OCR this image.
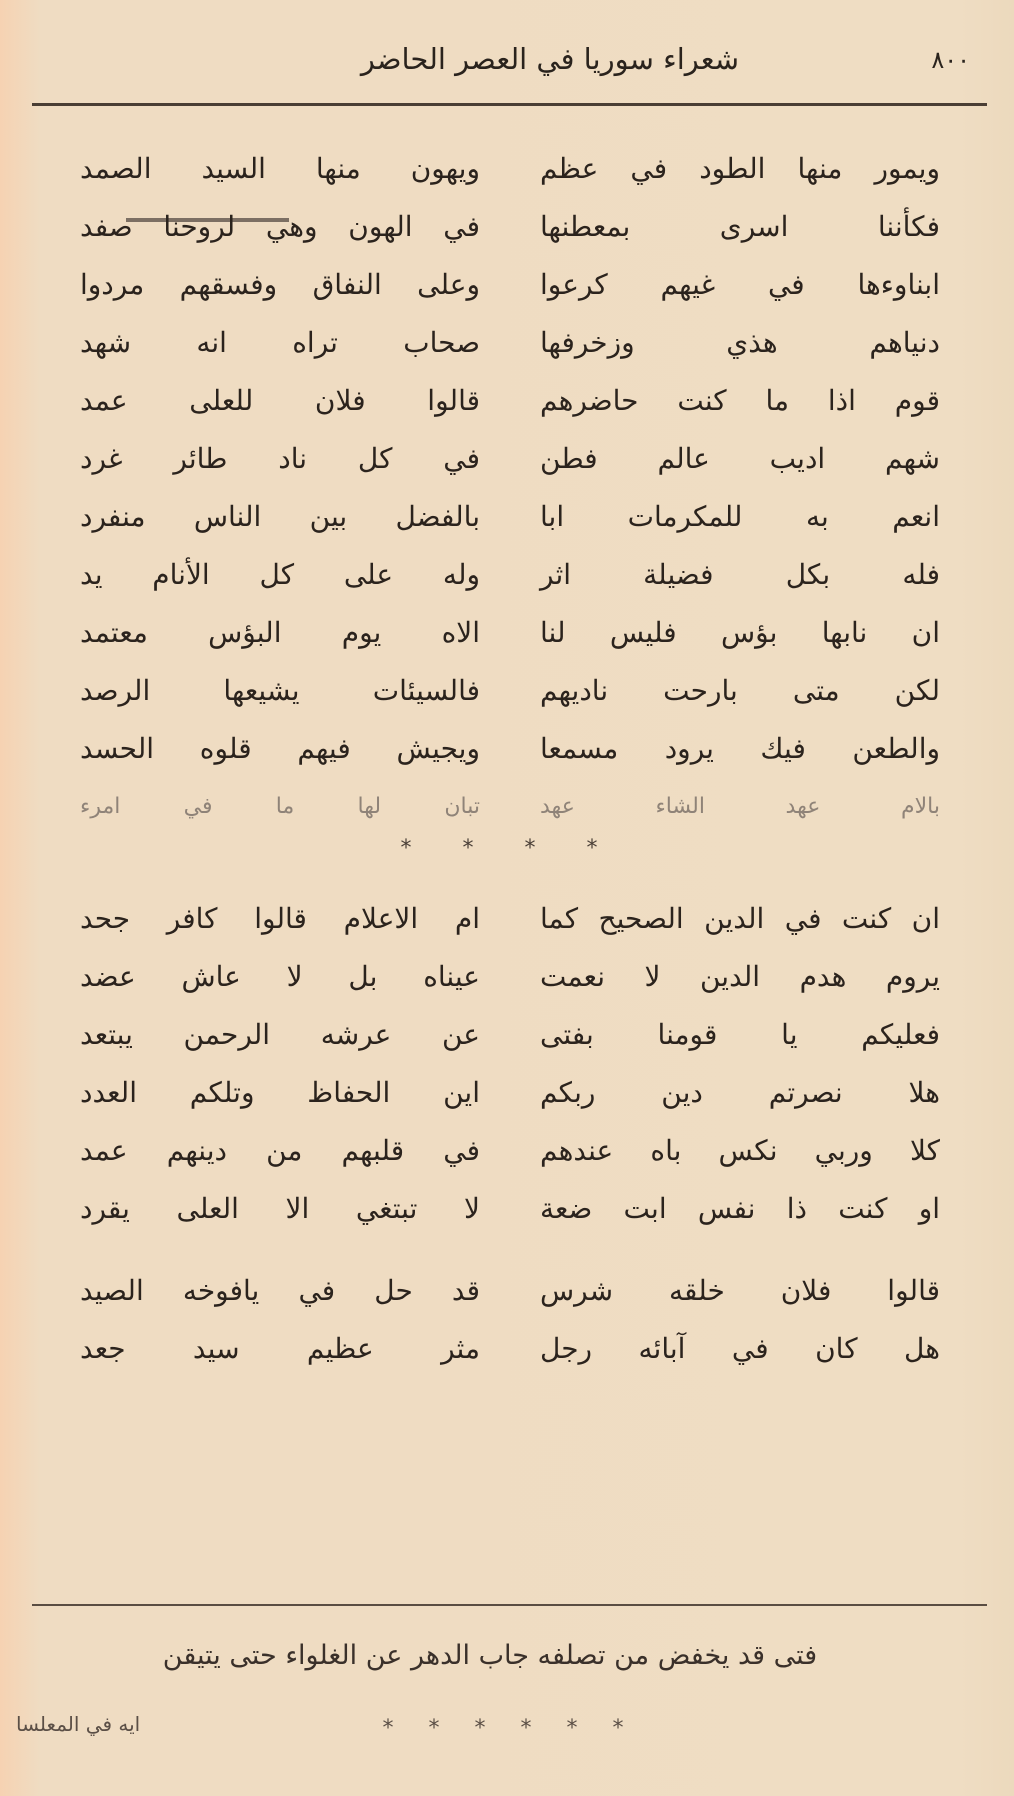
شعراء سوريا في العصر الحاضر	٨٠٠
ويمور منها الطود في عظم
ويهون منها السيد الصمد
فكأننا اسرى بمعطنها
في الهون وهي لروحنا صفد
ابناوءها في غيهم كرعوا
وعلى النفاق وفسقهم مردوا
دنياهم هذي وزخرفها
صحاب تراه انه شهد
قوم اذا ما كنت حاضرهم
قالوا فلان للعلى عمد
شهم اديب عالم فطن
في كل ناد طائر غرد
انعم به للمكرمات ابا
بالفضل بين الناس منفرد
فله بكل فضيلة اثر
وله على كل الأنام يد
ان نابها بؤس فليس لنا
الاه يوم البؤس معتمد
لكن متى بارحت ناديهم
فالسيئات يشيعها الرصد
والطعن فيك يرود مسمعا
ويجيش فيهم قلوه الحسد
بالام عهد الشاء عهد
تبان لها ما في امرء
* * * *
ان كنت في الدين الصحيح كما
ام الاعلام قالوا كافر جحد
يروم هدم الدين لا نعمت
عيناه بل لا عاش عضد
فعليكم يا قومنا بفتى
عن عرشه الرحمن يبتعد
هلا نصرتم دين ربكم
اين الحفاظ وتلكم العدد
كلا وربي نكس باه عندهم
في قلبهم من دينهم عمد
او كنت ذا نفس ابت ضعة
لا تبتغي الا العلى يقرد
قالوا فلان خلقه شرس
قد حل في يافوخه الصيد
هل كان في آبائه رجل
مثر عظيم سيد جعد
فتى قد يخفض من تصلفه جاب الدهر عن الغلواء حتى يتيقن
ايه في المعلسا	* * * * * *
